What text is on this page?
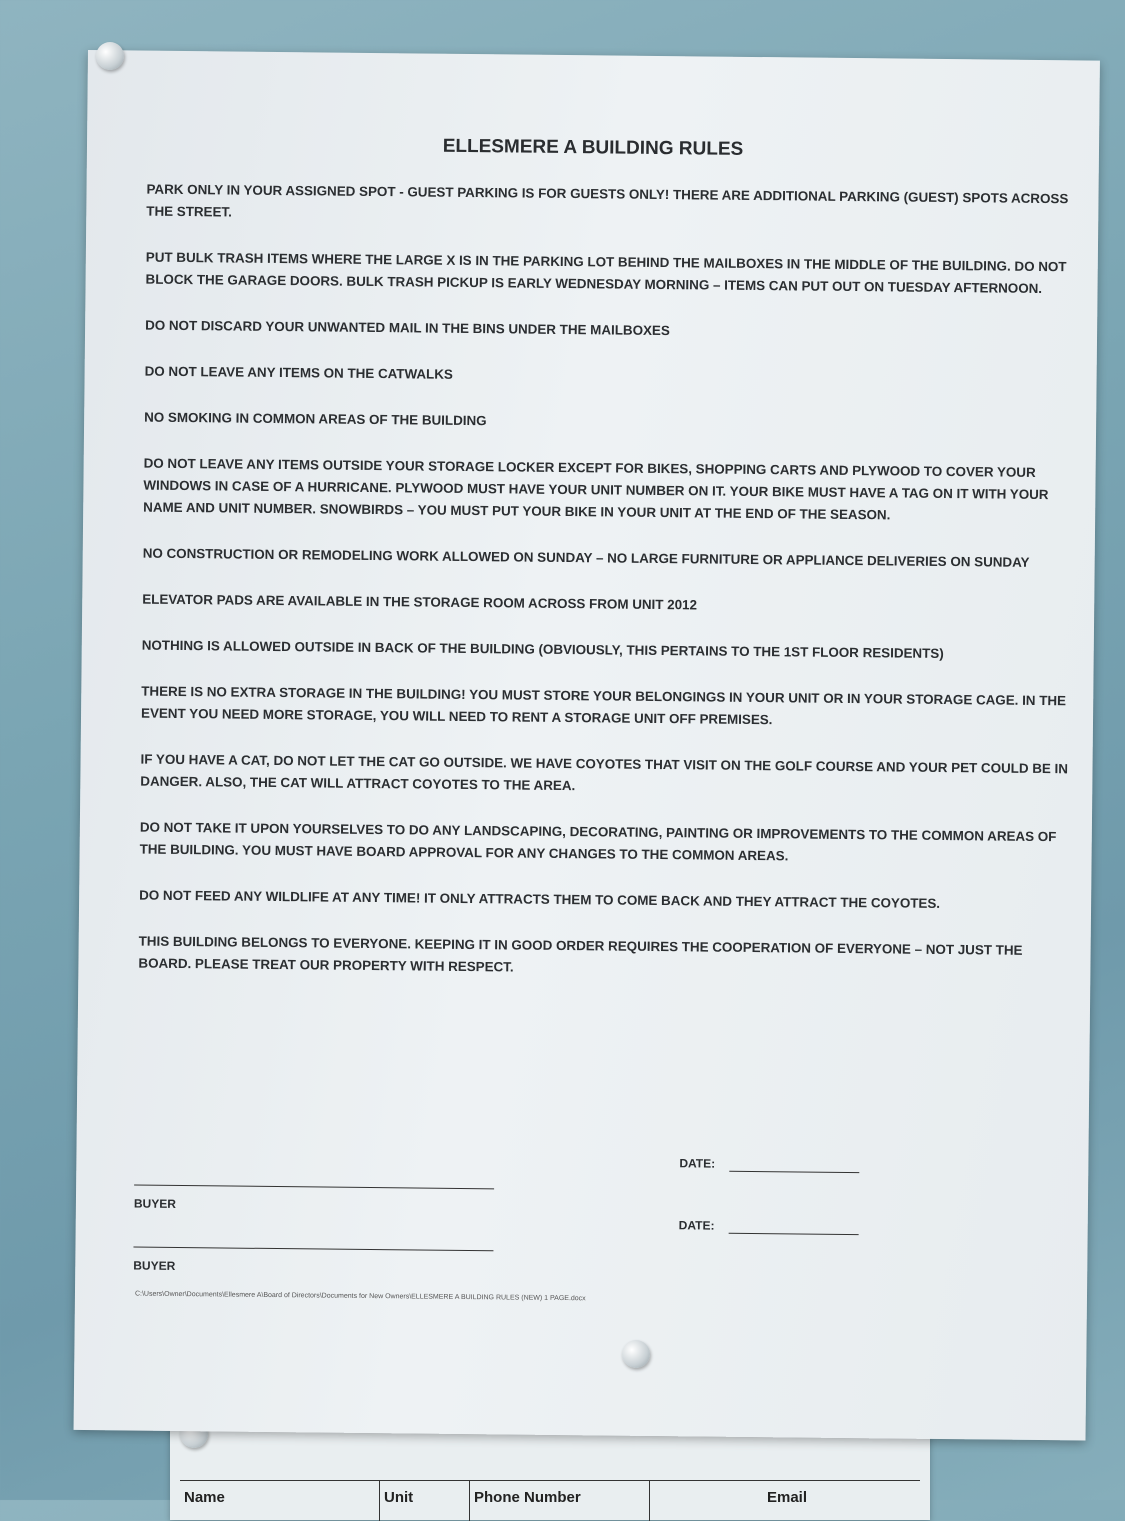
Name	Unit	Phone Number	Email
ELLESMERE A BUILDING RULES

PARK ONLY IN YOUR ASSIGNED SPOT - GUEST PARKING IS FOR GUESTS ONLY! THERE ARE ADDITIONAL PARKING (GUEST) SPOTS ACROSS THE STREET.

PUT BULK TRASH ITEMS WHERE THE LARGE X IS IN THE PARKING LOT BEHIND THE MAILBOXES IN THE MIDDLE OF THE BUILDING. DO NOT BLOCK THE GARAGE DOORS. BULK TRASH PICKUP IS EARLY WEDNESDAY MORNING – ITEMS CAN PUT OUT ON TUESDAY AFTERNOON.

DO NOT DISCARD YOUR UNWANTED MAIL IN THE BINS UNDER THE MAILBOXES

DO NOT LEAVE ANY ITEMS ON THE CATWALKS

NO SMOKING IN COMMON AREAS OF THE BUILDING

DO NOT LEAVE ANY ITEMS OUTSIDE YOUR STORAGE LOCKER EXCEPT FOR BIKES, SHOPPING CARTS AND PLYWOOD TO COVER YOUR WINDOWS IN CASE OF A HURRICANE. PLYWOOD MUST HAVE YOUR UNIT NUMBER ON IT. YOUR BIKE MUST HAVE A TAG ON IT WITH YOUR NAME AND UNIT NUMBER. SNOWBIRDS – YOU MUST PUT YOUR BIKE IN YOUR UNIT AT THE END OF THE SEASON.

NO CONSTRUCTION OR REMODELING WORK ALLOWED ON SUNDAY – NO LARGE FURNITURE OR APPLIANCE DELIVERIES ON SUNDAY

ELEVATOR PADS ARE AVAILABLE IN THE STORAGE ROOM ACROSS FROM UNIT 2012

NOTHING IS ALLOWED OUTSIDE IN BACK OF THE BUILDING (OBVIOUSLY, THIS PERTAINS TO THE 1ST FLOOR RESIDENTS)

THERE IS NO EXTRA STORAGE IN THE BUILDING! YOU MUST STORE YOUR BELONGINGS IN YOUR UNIT OR IN YOUR STORAGE CAGE. IN THE EVENT YOU NEED MORE STORAGE, YOU WILL NEED TO RENT A STORAGE UNIT OFF PREMISES.

IF YOU HAVE A CAT, DO NOT LET THE CAT GO OUTSIDE. WE HAVE COYOTES THAT VISIT ON THE GOLF COURSE AND YOUR PET COULD BE IN DANGER. ALSO, THE CAT WILL ATTRACT COYOTES TO THE AREA.

DO NOT TAKE IT UPON YOURSELVES TO DO ANY LANDSCAPING, DECORATING, PAINTING OR IMPROVEMENTS TO THE COMMON AREAS OF THE BUILDING. YOU MUST HAVE BOARD APPROVAL FOR ANY CHANGES TO THE COMMON AREAS.

DO NOT FEED ANY WILDLIFE AT ANY TIME! IT ONLY ATTRACTS THEM TO COME BACK AND THEY ATTRACT THE COYOTES.

THIS BUILDING BELONGS TO EVERYONE. KEEPING IT IN GOOD ORDER REQUIRES THE COOPERATION OF EVERYONE – NOT JUST THE BOARD. PLEASE TREAT OUR PROPERTY WITH RESPECT.

DATE:
BUYER
DATE:
BUYER
C:\Users\Owner\Documents\Ellesmere A\Board of Directors\Documents for New Owners\ELLESMERE A BUILDING RULES (NEW) 1 PAGE.docx
